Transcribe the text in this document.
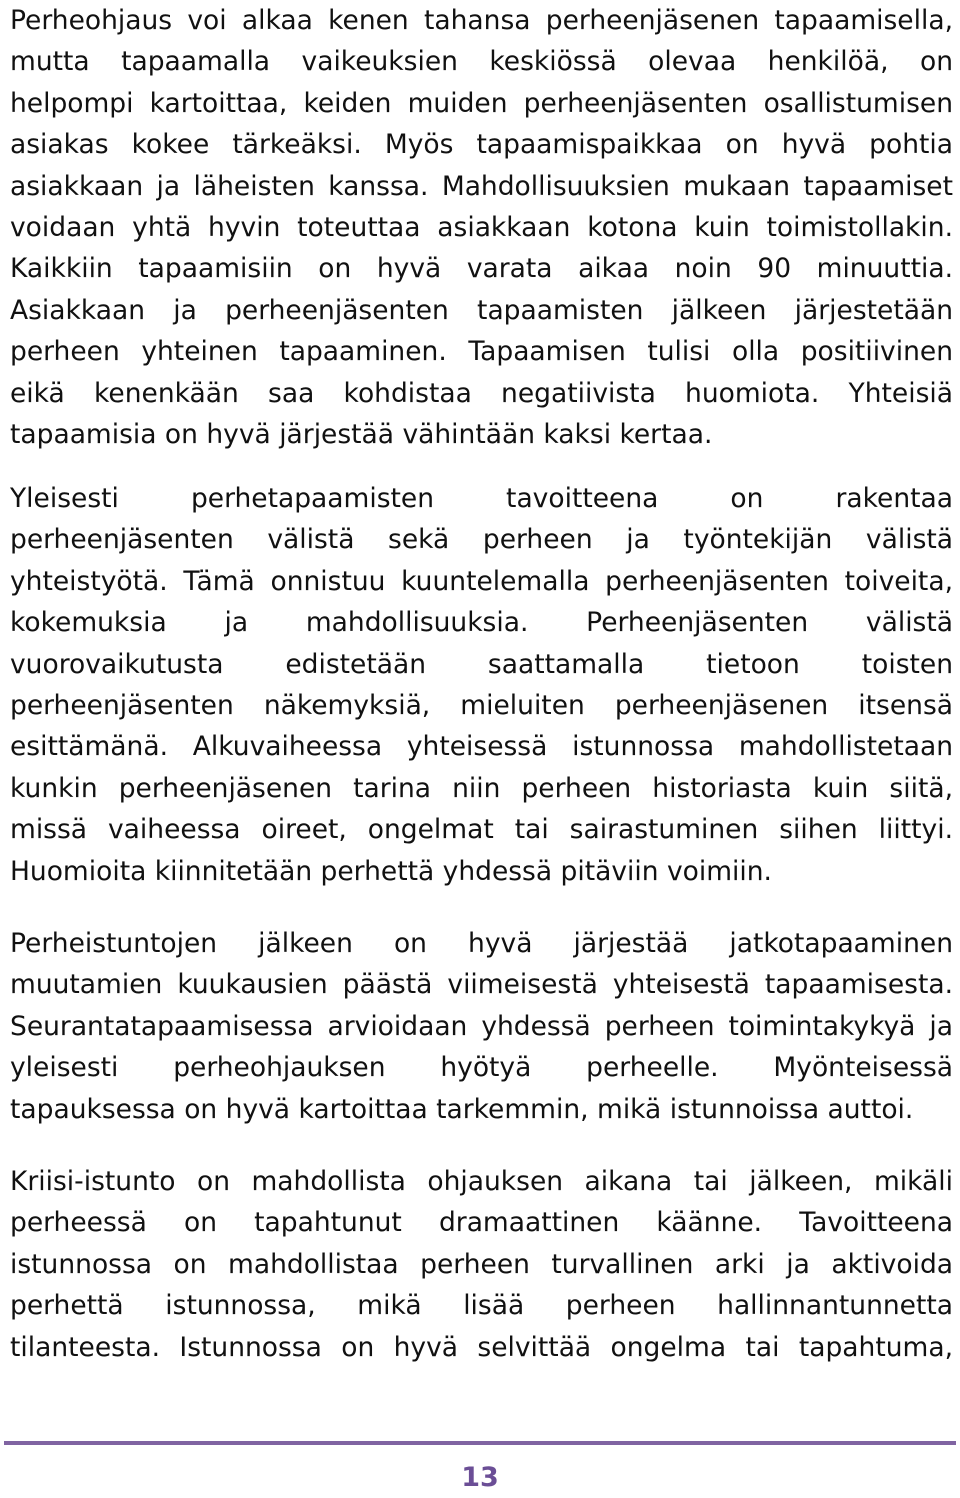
Perheohjaus voi alkaa kenen tahansa perheenjäsenen tapaamisella,
mutta tapaamalla vaikeuksien keskiössä olevaa henkilöä, on
helpompi kartoittaa, keiden muiden perheenjäsenten osallistumisen
asiakas kokee tärkeäksi. Myös tapaamispaikkaa on hyvä pohtia
asiakkaan ja läheisten kanssa. Mahdollisuuksien mukaan tapaamiset
voidaan yhtä hyvin toteuttaa asiakkaan kotona kuin toimistollakin.
Kaikkiin tapaamisiin on hyvä varata aikaa noin 90 minuuttia.
Asiakkaan ja perheenjäsenten tapaamisten jälkeen järjestetään
perheen yhteinen tapaaminen. Tapaamisen tulisi olla positiivinen
eikä kenenkään saa kohdistaa negatiivista huomiota. Yhteisiä
tapaamisia on hyvä järjestää vähintään kaksi kertaa.
Yleisesti perhetapaamisten tavoitteena on rakentaa
perheenjäsenten välistä sekä perheen ja työntekijän välistä
yhteistyötä. Tämä onnistuu kuuntelemalla perheenjäsenten toiveita,
kokemuksia ja mahdollisuuksia. Perheenjäsenten välistä
vuorovaikutusta edistetään saattamalla tietoon toisten
perheenjäsenten näkemyksiä, mieluiten perheenjäsenen itsensä
esittämänä. Alkuvaiheessa yhteisessä istunnossa mahdollistetaan
kunkin perheenjäsenen tarina niin perheen historiasta kuin siitä,
missä vaiheessa oireet, ongelmat tai sairastuminen siihen liittyi.
Huomioita kiinnitetään perhettä yhdessä pitäviin voimiin.
Perheistuntojen jälkeen on hyvä järjestää jatkotapaaminen
muutamien kuukausien päästä viimeisestä yhteisestä tapaamisesta.
Seurantatapaamisessa arvioidaan yhdessä perheen toimintakykyä ja
yleisesti perheohjauksen hyötyä perheelle. Myönteisessä
tapauksessa on hyvä kartoittaa tarkemmin, mikä istunnoissa auttoi.
Kriisi-istunto on mahdollista ohjauksen aikana tai jälkeen, mikäli
perheessä on tapahtunut dramaattinen käänne. Tavoitteena
istunnossa on mahdollistaa perheen turvallinen arki ja aktivoida
perhettä istunnossa, mikä lisää perheen hallinnantunnetta
tilanteesta. Istunnossa on hyvä selvittää ongelma tai tapahtuma,
13
